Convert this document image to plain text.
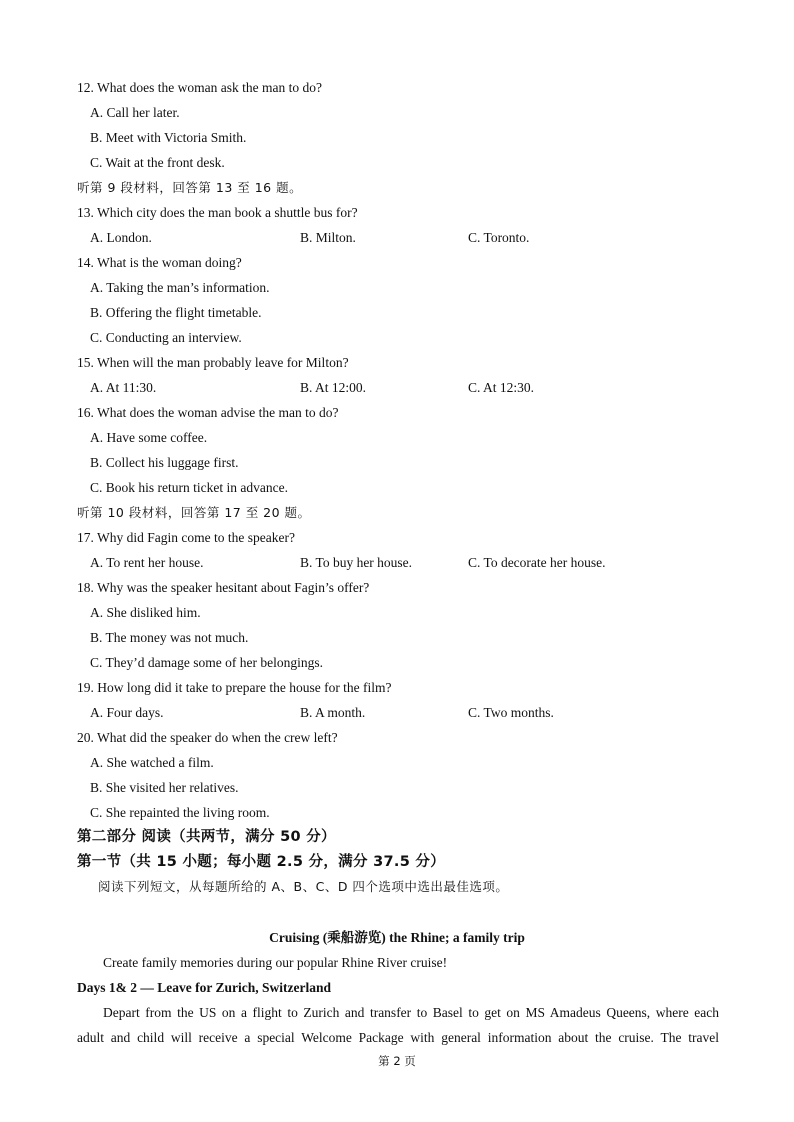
12. What does the woman ask the man to do?
A. Call her later.
B. Meet with Victoria Smith.
C. Wait at the front desk.
听第 9 段材料，回答第 13 至 16 题。
13. Which city does the man book a shuttle bus for?
A. London.	B. Milton.	C. Toronto.
14. What is the woman doing?
A. Taking the man’s information.
B. Offering the flight timetable.
C. Conducting an interview.
15. When will the man probably leave for Milton?
A. At 11:30.	B. At 12:00.	C. At 12:30.
16. What does the woman advise the man to do?
A. Have some coffee.
B. Collect his luggage first.
C. Book his return ticket in advance.
听第 10 段材料，回答第 17 至 20 题。
17. Why did Fagin come to the speaker?
A. To rent her house.	B. To buy her house.	C. To decorate her house.
18. Why was the speaker hesitant about Fagin’s offer?
A. She disliked him.
B. The money was not much.
C. They’d damage some of her belongings.
19. How long did it take to prepare the house for the film?
A. Four days.	B. A month.	C. Two months.
20. What did the speaker do when the crew left?
A. She watched a film.
B. She visited her relatives.
C. She repainted the living room.
第二部分 阅读（共两节，满分 50 分）
第一节（共 15 小题；每小题 2.5 分，满分 37.5 分）
阅读下列短文，从每题所给的 A、B、C、D 四个选项中选出最佳选项。
Cruising (乘船游览) the Rhine; a family trip
Create family memories during our popular Rhine River cruise!
Days 1& 2 — Leave for Zurich, Switzerland
Depart from the US on a flight to Zurich and transfer to Basel to get on MS Amadeus Queens, where each
adult and child will receive a special Welcome Package with general information about the cruise. The travel
第 2 页
